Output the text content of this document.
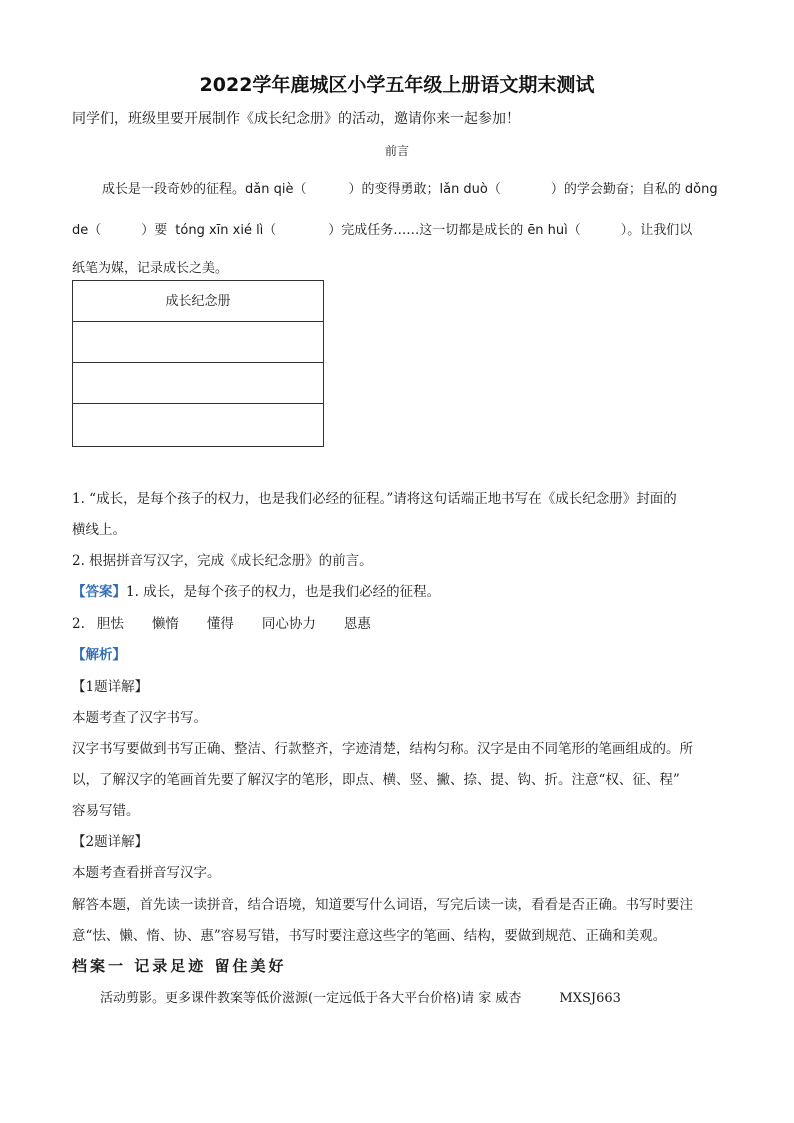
2022学年鹿城区小学五年级上册语文期末测试
同学们，班级里要开展制作《成长纪念册》的活动，邀请你来一起参加！
前言
成长是一段奇妙的征程。dǎn qiè（	）的变得勇敢；lǎn duò（	）的学会勤奋；自私的 dǒng
de（	）要 tóng xīn xié lì（	）完成任务……这一切都是成长的 ēn huì（	）。让我们以
纸笔为媒，记录成长之美。
成长纪念册
1. “成长，是每个孩子的权力，也是我们必经的征程。”请将这句话端正地书写在《成长纪念册》封面的
横线上。
2. 根据拼音写汉字，完成《成长纪念册》的前言。
【答案】1. 成长，是每个孩子的权力，也是我们必经的征程。
2. 胆怯 懒惰 懂得 同心协力 恩惠
【解析】
【1题详解】
本题考查了汉字书写。
汉字书写要做到书写正确、整洁、行款整齐，字迹清楚，结构匀称。汉字是由不同笔形的笔画组成的。所
以，了解汉字的笔画首先要了解汉字的笔形，即点、横、竖、撇、捺、提、钩、折。注意“权、征、程”
容易写错。
【2题详解】
本题考查看拼音写汉字。
解答本题，首先读一读拼音，结合语境，知道要写什么词语，写完后读一读，看看是否正确。书写时要注
意“怯、懒、惰、协、惠”容易写错，书写时要注意这些字的笔画、结构，要做到规范、正确和美观。
档案一 记录足迹 留住美好
活动剪影。更多课件教案等低价滋源(一定远低于各大平台价格)请 家 威杏	MXSJ663
